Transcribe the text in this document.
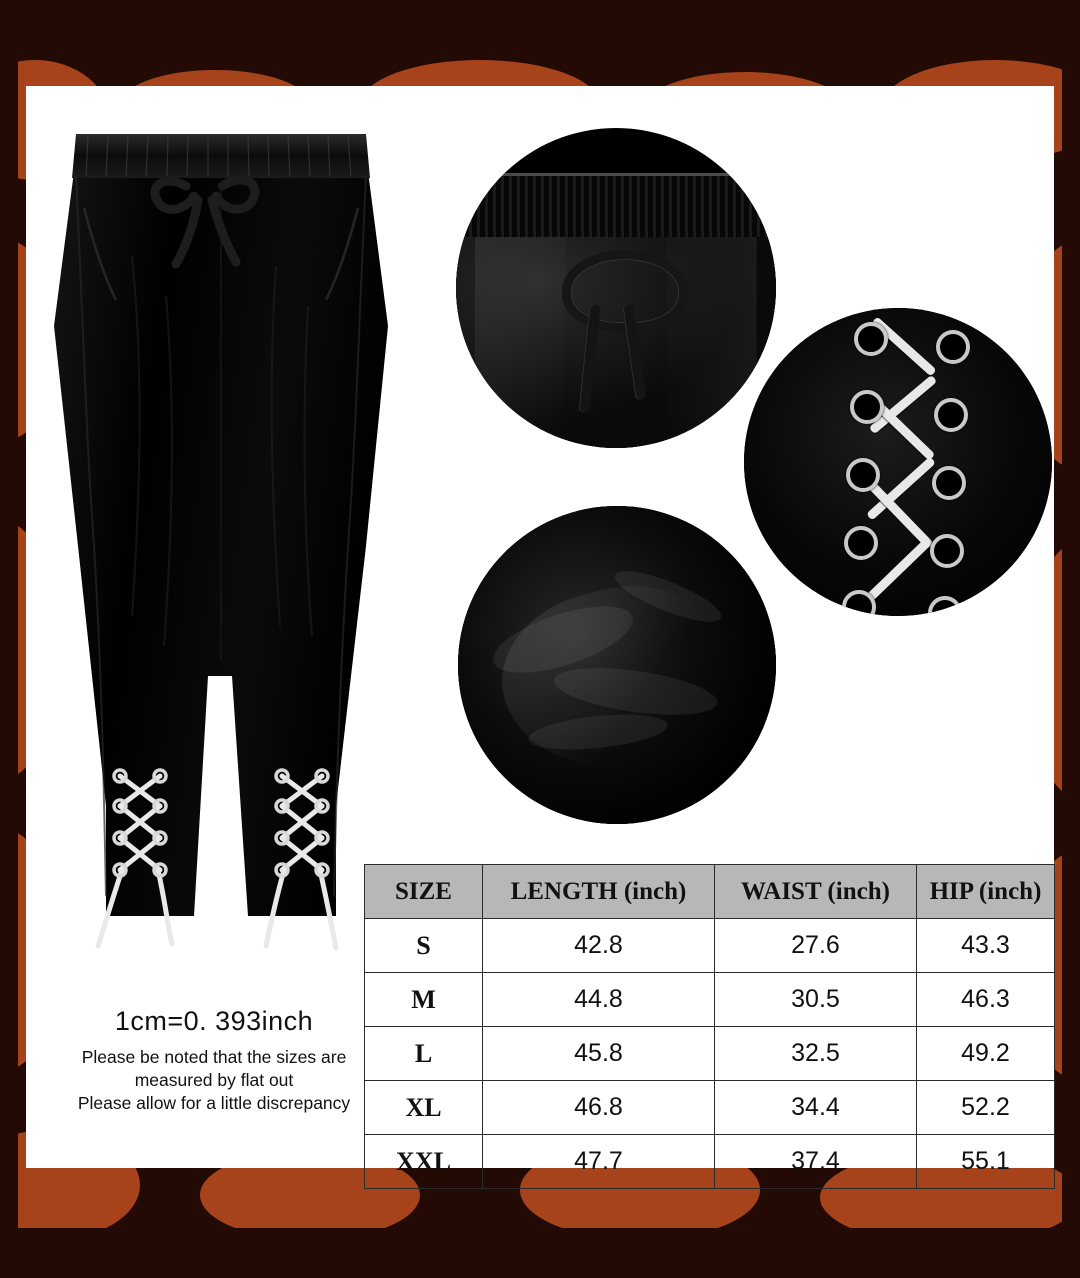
1cm=0. 393inch
Please be noted that the sizes are
measured by flat out
Please allow for a little discrepancy
SIZE	LENGTH (inch)	WAIST (inch)	HIP (inch)
S	42.8	27.6	43.3
M	44.8	30.5	46.3
L	45.8	32.5	49.2
XL	46.8	34.4	52.2
XXL	47.7	37.4	55.1
